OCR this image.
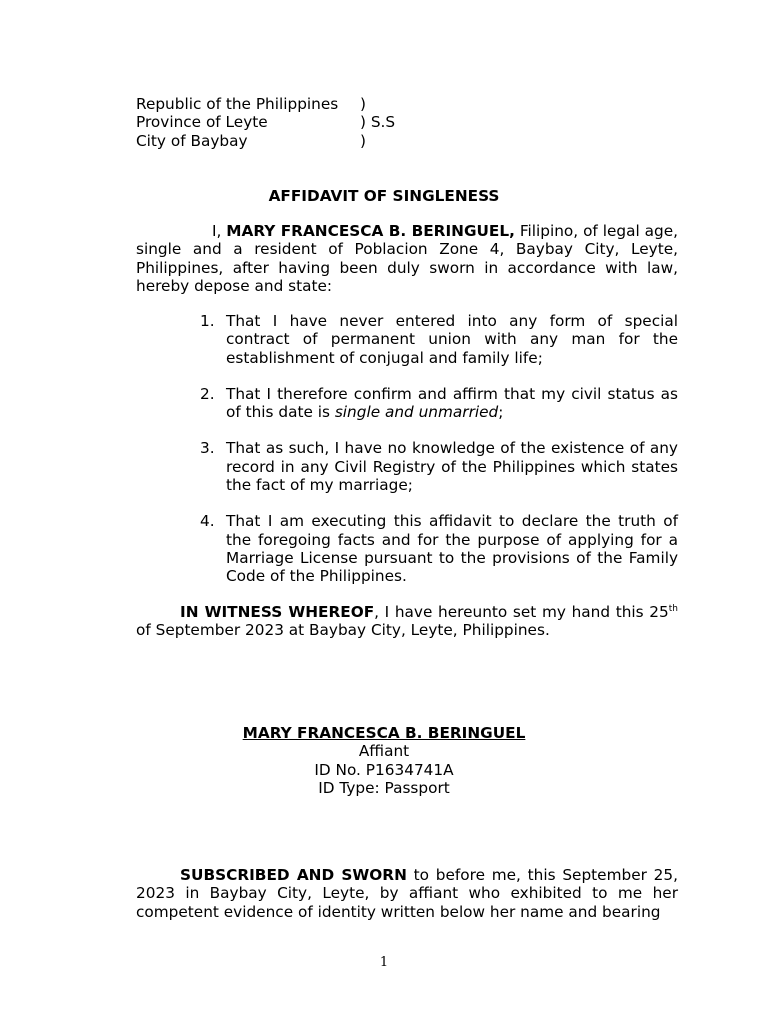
Republic of the Philippines	)
Province of Leyte	) S.S
City of Baybay	)
AFFIDAVIT OF SINGLENESS
I, MARY FRANCESCA B. BERINGUEL, Filipino, of legal age, single and a resident of Poblacion Zone 4, Baybay City, Leyte, Philippines, after having been duly sworn in accordance with law, hereby depose and state:
1. That I have never entered into any form of special contract of permanent union with any man for the establishment of conjugal and family life;
2. That I therefore confirm and affirm that my civil status as of this date is single and unmarried;
3. That as such, I have no knowledge of the existence of any record in any Civil Registry of the Philippines which states the fact of my marriage;
4. That I am executing this affidavit to declare the truth of the foregoing facts and for the purpose of applying for a Marriage License pursuant to the provisions of the Family Code of the Philippines.
IN WITNESS WHEREOF, I have hereunto set my hand this 25th of September 2023 at Baybay City, Leyte, Philippines.
MARY FRANCESCA B. BERINGUEL
Affiant
ID No. P1634741A
ID Type: Passport
SUBSCRIBED AND SWORN to before me, this September 25, 2023 in Baybay City, Leyte, by affiant who exhibited to me her competent evidence of identity written below her name and bearing
1
